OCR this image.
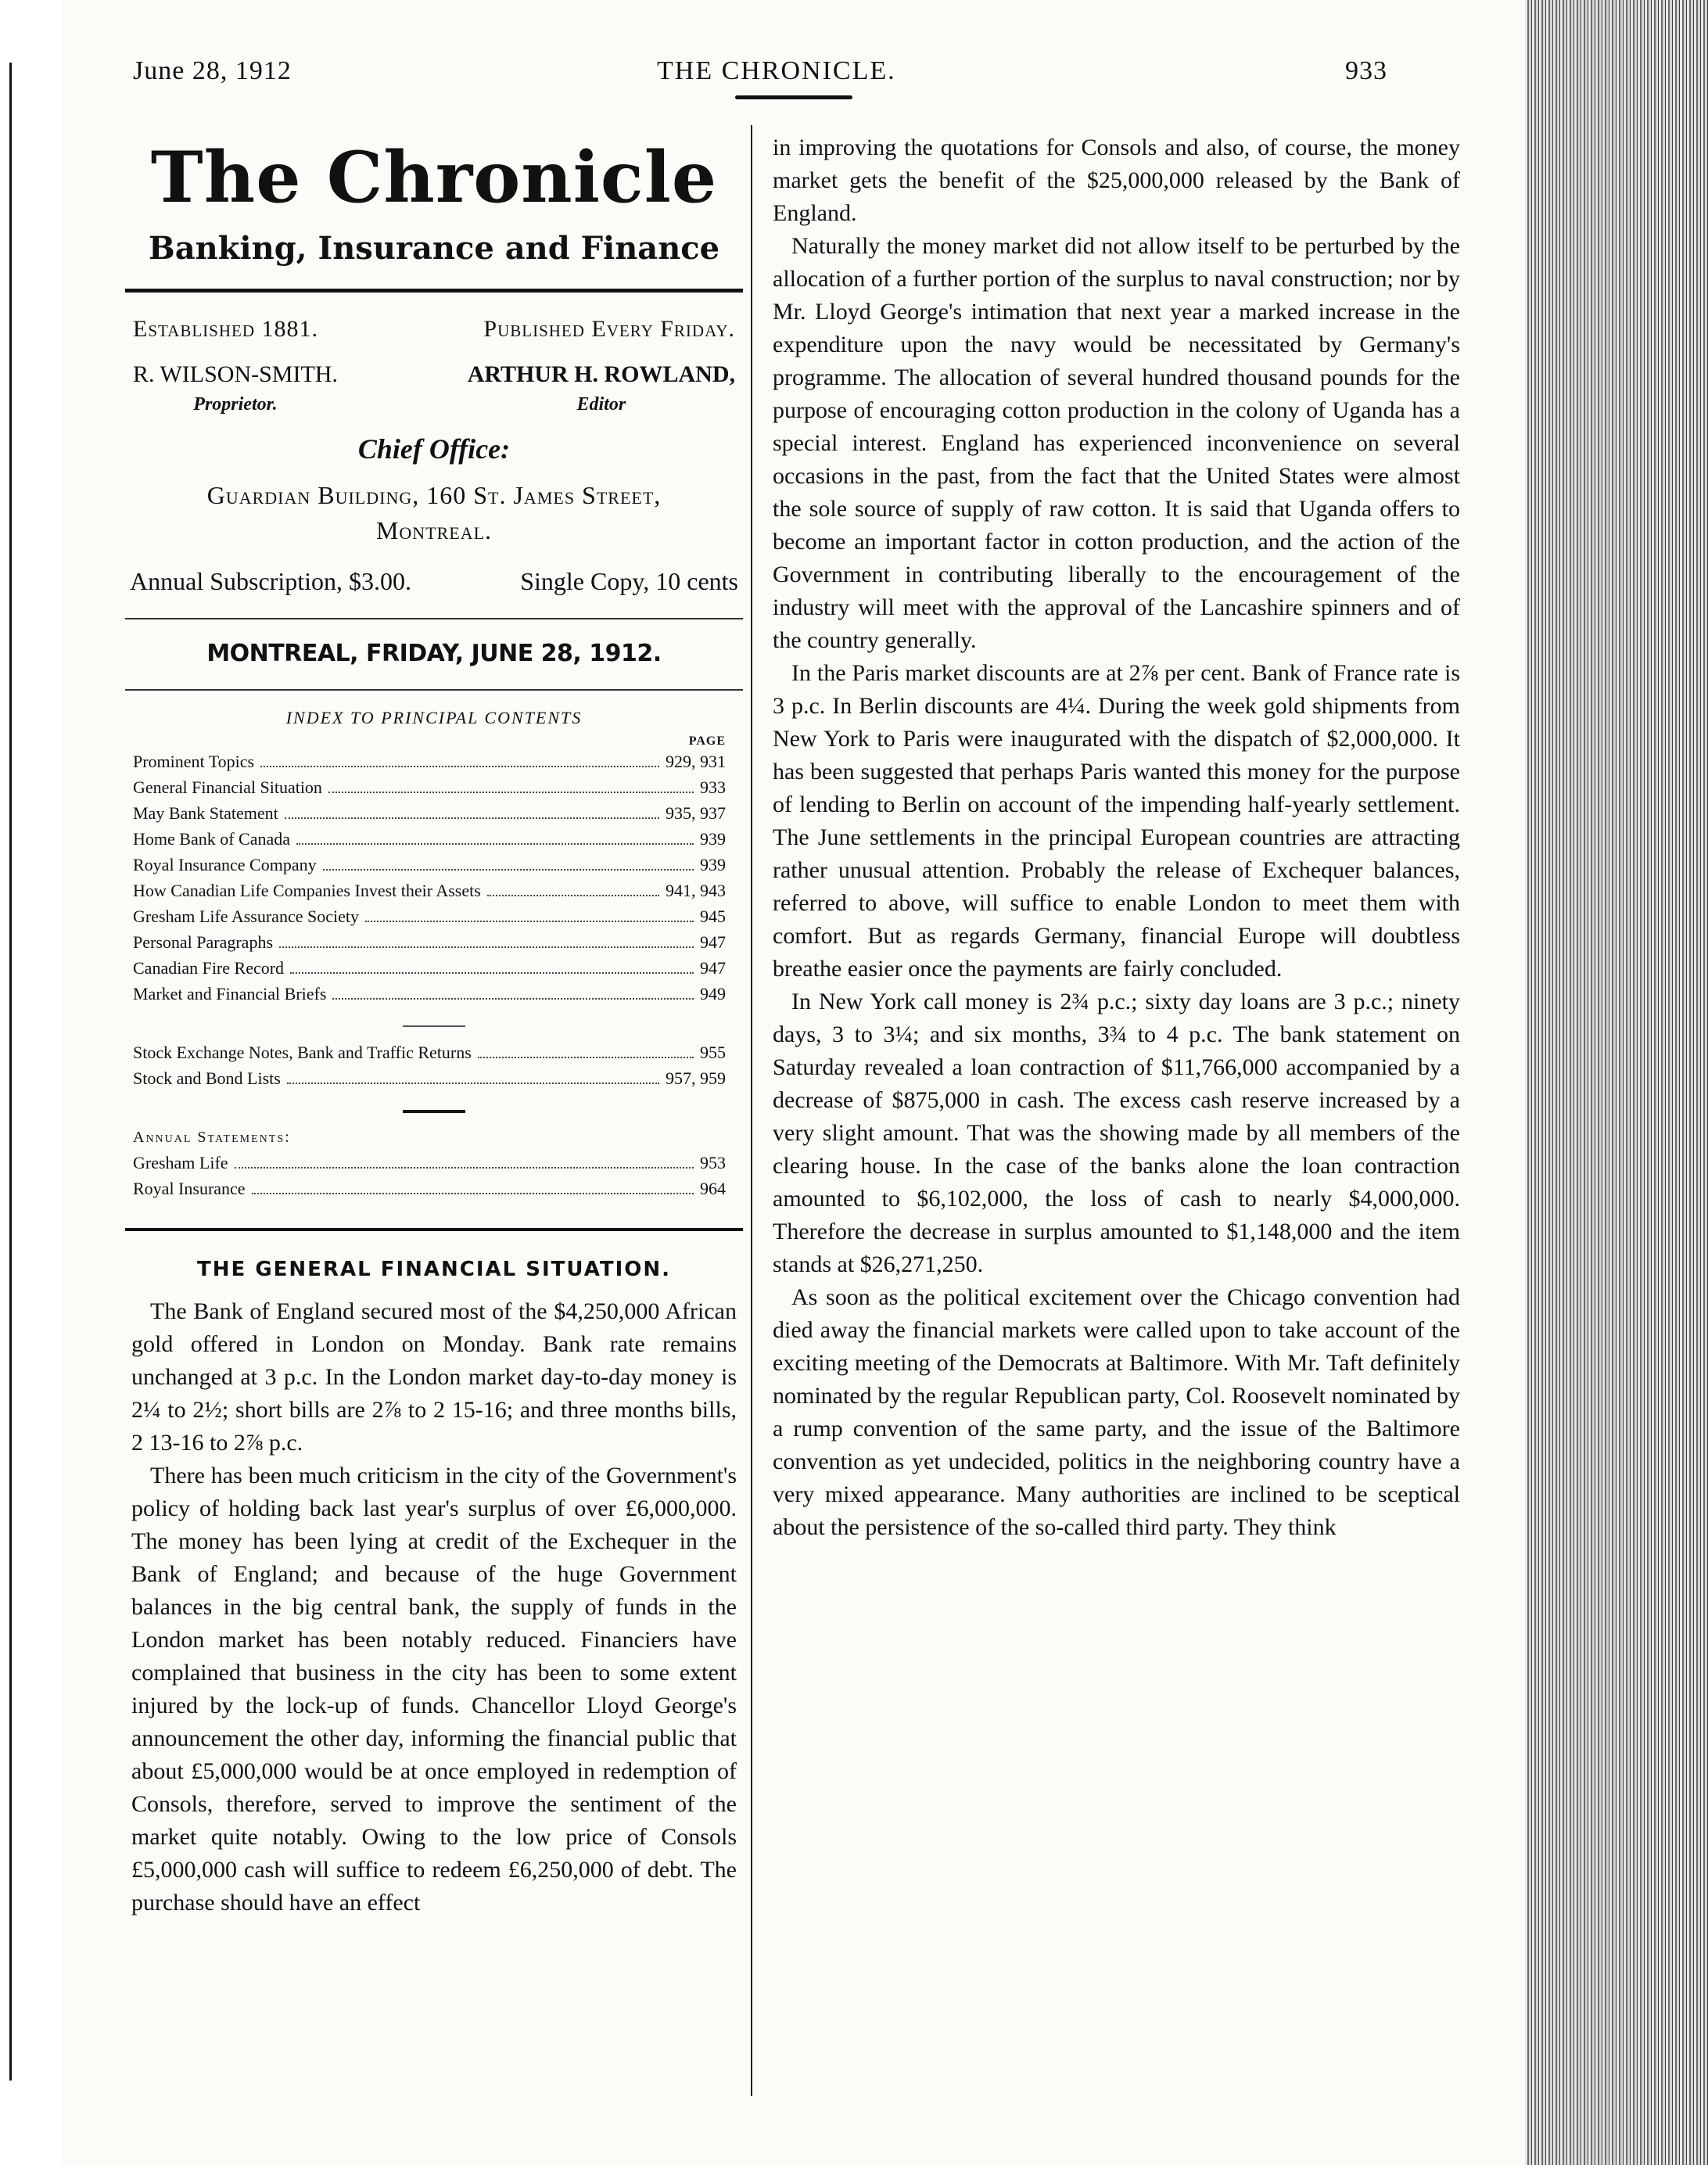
June 28, 1912	THE CHRONICLE.	933
The Chronicle
Banking, Insurance and Finance
Established 1881.	Published Every Friday.
R. WILSON-SMITH.
Proprietor.
ARTHUR H. ROWLAND,
Editor
Chief Office:
Guardian Building, 160 St. James Street,
Montreal.
Annual Subscription, $3.00.	Single Copy, 10 cents
MONTREAL, FRIDAY, JUNE 28, 1912.
INDEX TO PRINCIPAL CONTENTS
PAGE
Prominent Topics	929, 931
General Financial Situation	933
May Bank Statement	935, 937
Home Bank of Canada	939
Royal Insurance Company	939
How Canadian Life Companies Invest their Assets	941, 943
Gresham Life Assurance Society	945
Personal Paragraphs	947
Canadian Fire Record	947
Market and Financial Briefs	949
Stock Exchange Notes, Bank and Traffic Returns	955
Stock and Bond Lists	957, 959
Annual Statements:
Gresham Life	953
Royal Insurance	964
THE GENERAL FINANCIAL SITUATION.

The Bank of England secured most of the $4,250,000 African gold offered in London on Monday. Bank rate remains unchanged at 3 p.c. In the London market day-to-day money is 2¼ to 2½; short bills are 2⅞ to 2 15-16; and three months bills, 2 13-16 to 2⅞ p.c.

There has been much criticism in the city of the Government's policy of holding back last year's surplus of over £6,000,000. The money has been lying at credit of the Exchequer in the Bank of England; and because of the huge Government balances in the big central bank, the supply of funds in the London market has been notably reduced. Financiers have complained that business in the city has been to some extent injured by the lock-up of funds. Chancellor Lloyd George's announcement the other day, informing the financial public that about £5,000,000 would be at once employed in redemption of Consols, therefore, served to improve the sentiment of the market quite notably. Owing to the low price of Consols £5,000,000 cash will suffice to redeem £6,250,000 of debt. The purchase should have an effect

in improving the quotations for Consols and also, of course, the money market gets the benefit of the $25,000,000 released by the Bank of England.

Naturally the money market did not allow itself to be perturbed by the allocation of a further portion of the surplus to naval construction; nor by Mr. Lloyd George's intimation that next year a marked increase in the expenditure upon the navy would be necessitated by Germany's programme. The allocation of several hundred thousand pounds for the purpose of encouraging cotton production in the colony of Uganda has a special interest. England has experienced inconvenience on several occasions in the past, from the fact that the United States were almost the sole source of supply of raw cotton. It is said that Uganda offers to become an important factor in cotton production, and the action of the Government in contributing liberally to the encouragement of the industry will meet with the approval of the Lancashire spinners and of the country generally.

In the Paris market discounts are at 2⅞ per cent. Bank of France rate is 3 p.c. In Berlin discounts are 4¼. During the week gold shipments from New York to Paris were inaugurated with the dispatch of $2,000,000. It has been suggested that perhaps Paris wanted this money for the purpose of lending to Berlin on account of the impending half-yearly settlement. The June settlements in the principal European countries are attracting rather unusual attention. Probably the release of Exchequer balances, referred to above, will suffice to enable London to meet them with comfort. But as regards Germany, financial Europe will doubtless breathe easier once the payments are fairly concluded.

In New York call money is 2¾ p.c.; sixty day loans are 3 p.c.; ninety days, 3 to 3¼; and six months, 3¾ to 4 p.c. The bank statement on Saturday revealed a loan contraction of $11,766,000 accompanied by a decrease of $875,000 in cash. The excess cash reserve increased by a very slight amount. That was the showing made by all members of the clearing house. In the case of the banks alone the loan contraction amounted to $6,102,000, the loss of cash to nearly $4,000,000. Therefore the decrease in surplus amounted to $1,148,000 and the item stands at $26,271,250.

As soon as the political excitement over the Chicago convention had died away the financial markets were called upon to take account of the exciting meeting of the Democrats at Baltimore. With Mr. Taft definitely nominated by the regular Republican party, Col. Roosevelt nominated by a rump convention of the same party, and the issue of the Baltimore convention as yet undecided, politics in the neighboring country have a very mixed appearance. Many authorities are inclined to be sceptical about the persistence of the so-called third party. They think
